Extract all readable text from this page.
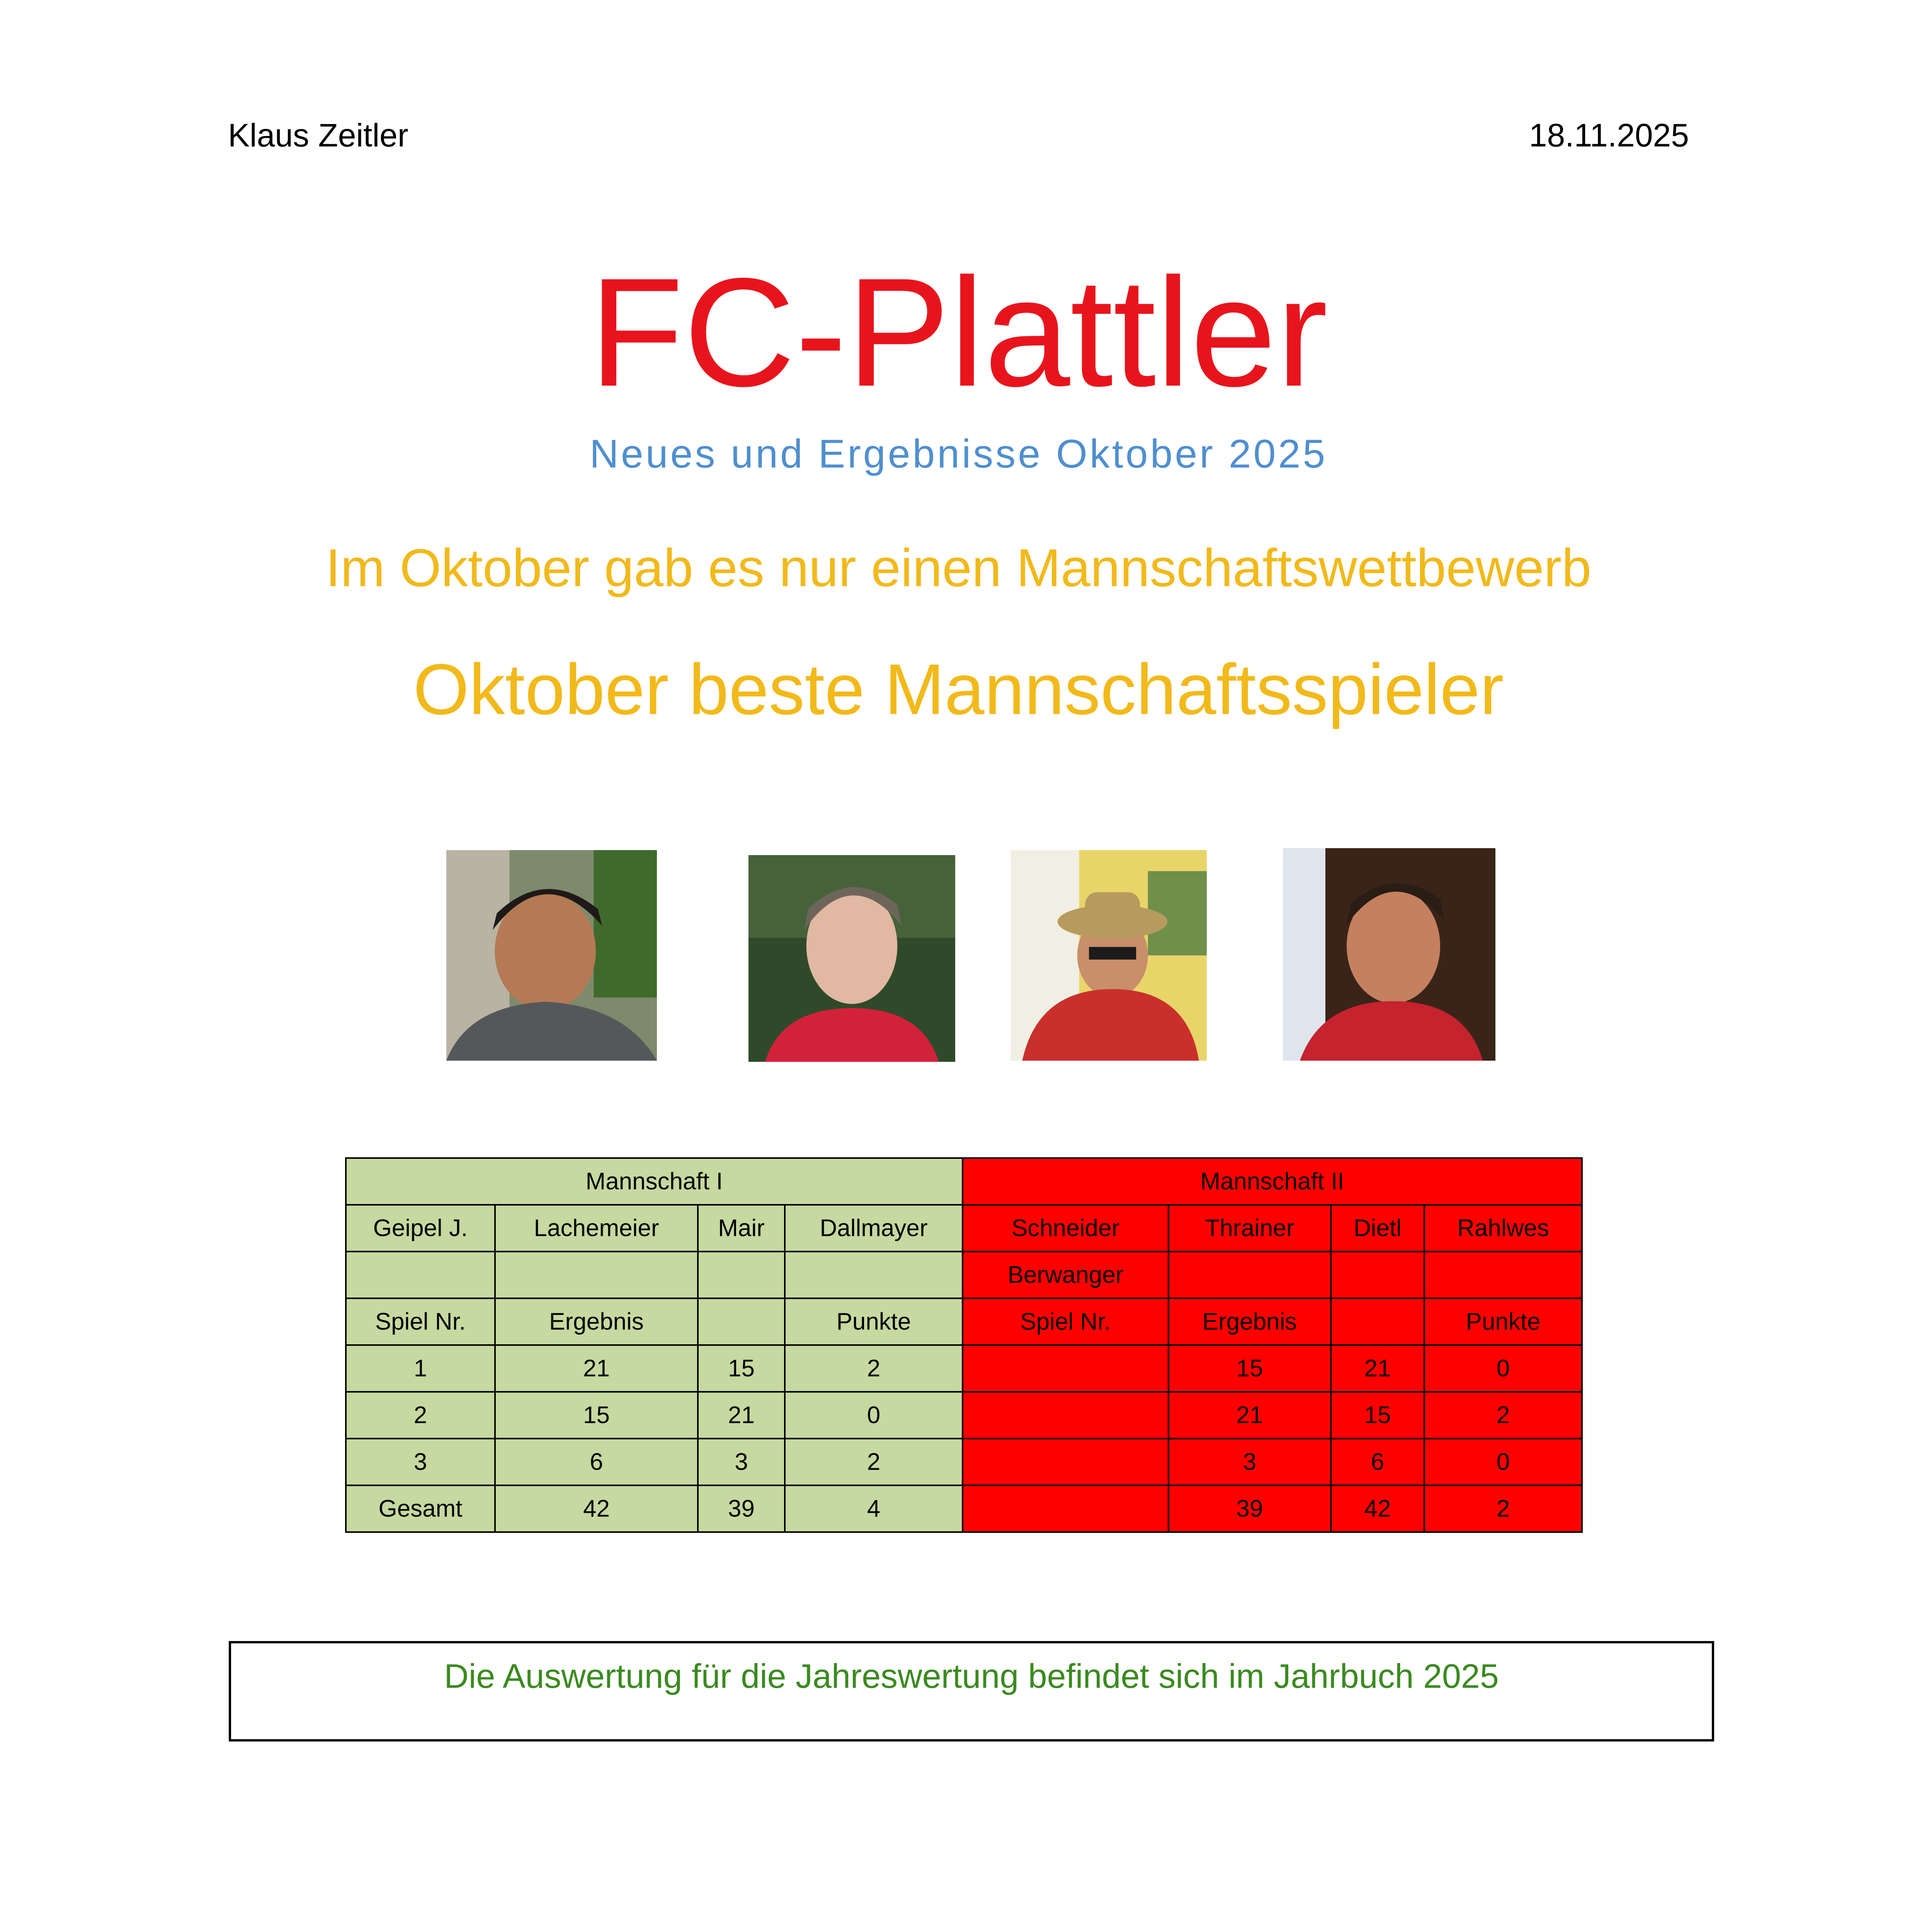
Klaus Zeitler	18.11.2025
FC-Plattler
Neues und Ergebnisse Oktober 2025
Im Oktober gab es nur einen Mannschaftswettbewerb
Oktober beste Mannschaftsspieler
Mannschaft I				Mannschaft II			
Geipel J.	Lachemeier	Mair	Dallmayer	Schneider	Thrainer	Dietl	Rahlwes
				Berwanger			
Spiel Nr.	Ergebnis		Punkte	Spiel Nr.	Ergebnis		Punkte
1	21	15	2		15	21	0
2	15	21	0		21	15	2
3	6	3	2		3	6	0
Gesamt	42	39	4		39	42	2
Die Auswertung für die Jahreswertung befindet sich im Jahrbuch 2025
